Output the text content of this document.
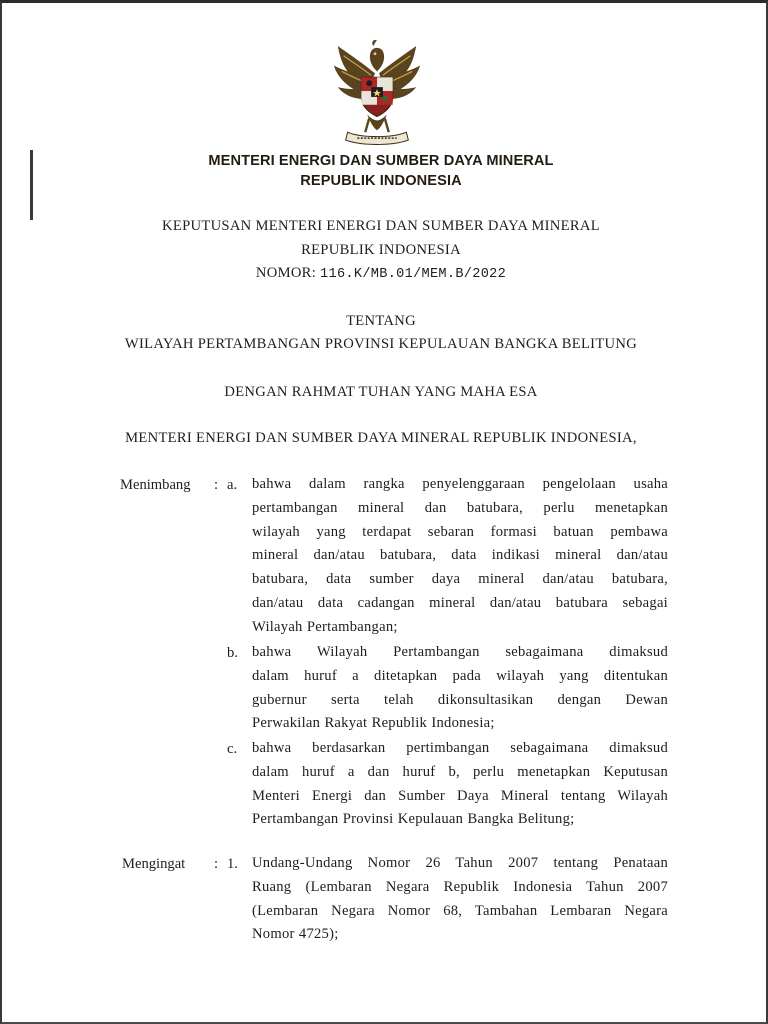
MENTERI ENERGI DAN SUMBER DAYA MINERAL
REPUBLIK INDONESIA
KEPUTUSAN MENTERI ENERGI DAN SUMBER DAYA MINERAL
REPUBLIK INDONESIA
NOMOR: 116.K/MB.01/MEM.B/2022
TENTANG
WILAYAH PERTAMBANGAN PROVINSI KEPULAUAN BANGKA BELITUNG
DENGAN RAHMAT TUHAN YANG MAHA ESA
MENTERI ENERGI DAN SUMBER DAYA MINERAL REPUBLIK INDONESIA,
Menimbang : a. bahwa dalam rangka penyelenggaraan pengelolaan usaha
pertambangan mineral dan batubara, perlu menetapkan
wilayah yang terdapat sebaran formasi batuan pembawa
mineral dan/atau batubara, data indikasi mineral dan/atau
batubara, data sumber daya mineral dan/atau batubara,
dan/atau data cadangan mineral dan/atau batubara sebagai
Wilayah Pertambangan;
b. bahwa Wilayah Pertambangan sebagaimana dimaksud
dalam huruf a ditetapkan pada wilayah yang ditentukan
gubernur serta telah dikonsultasikan dengan Dewan
Perwakilan Rakyat Republik Indonesia;
c. bahwa berdasarkan pertimbangan sebagaimana dimaksud
dalam huruf a dan huruf b, perlu menetapkan Keputusan
Menteri Energi dan Sumber Daya Mineral tentang Wilayah
Pertambangan Provinsi Kepulauan Bangka Belitung;
Mengingat : 1. Undang-Undang Nomor 26 Tahun 2007 tentang Penataan
Ruang (Lembaran Negara Republik Indonesia Tahun 2007
(Lembaran Negara Nomor 68, Tambahan Lembaran Negara
Nomor 4725);
